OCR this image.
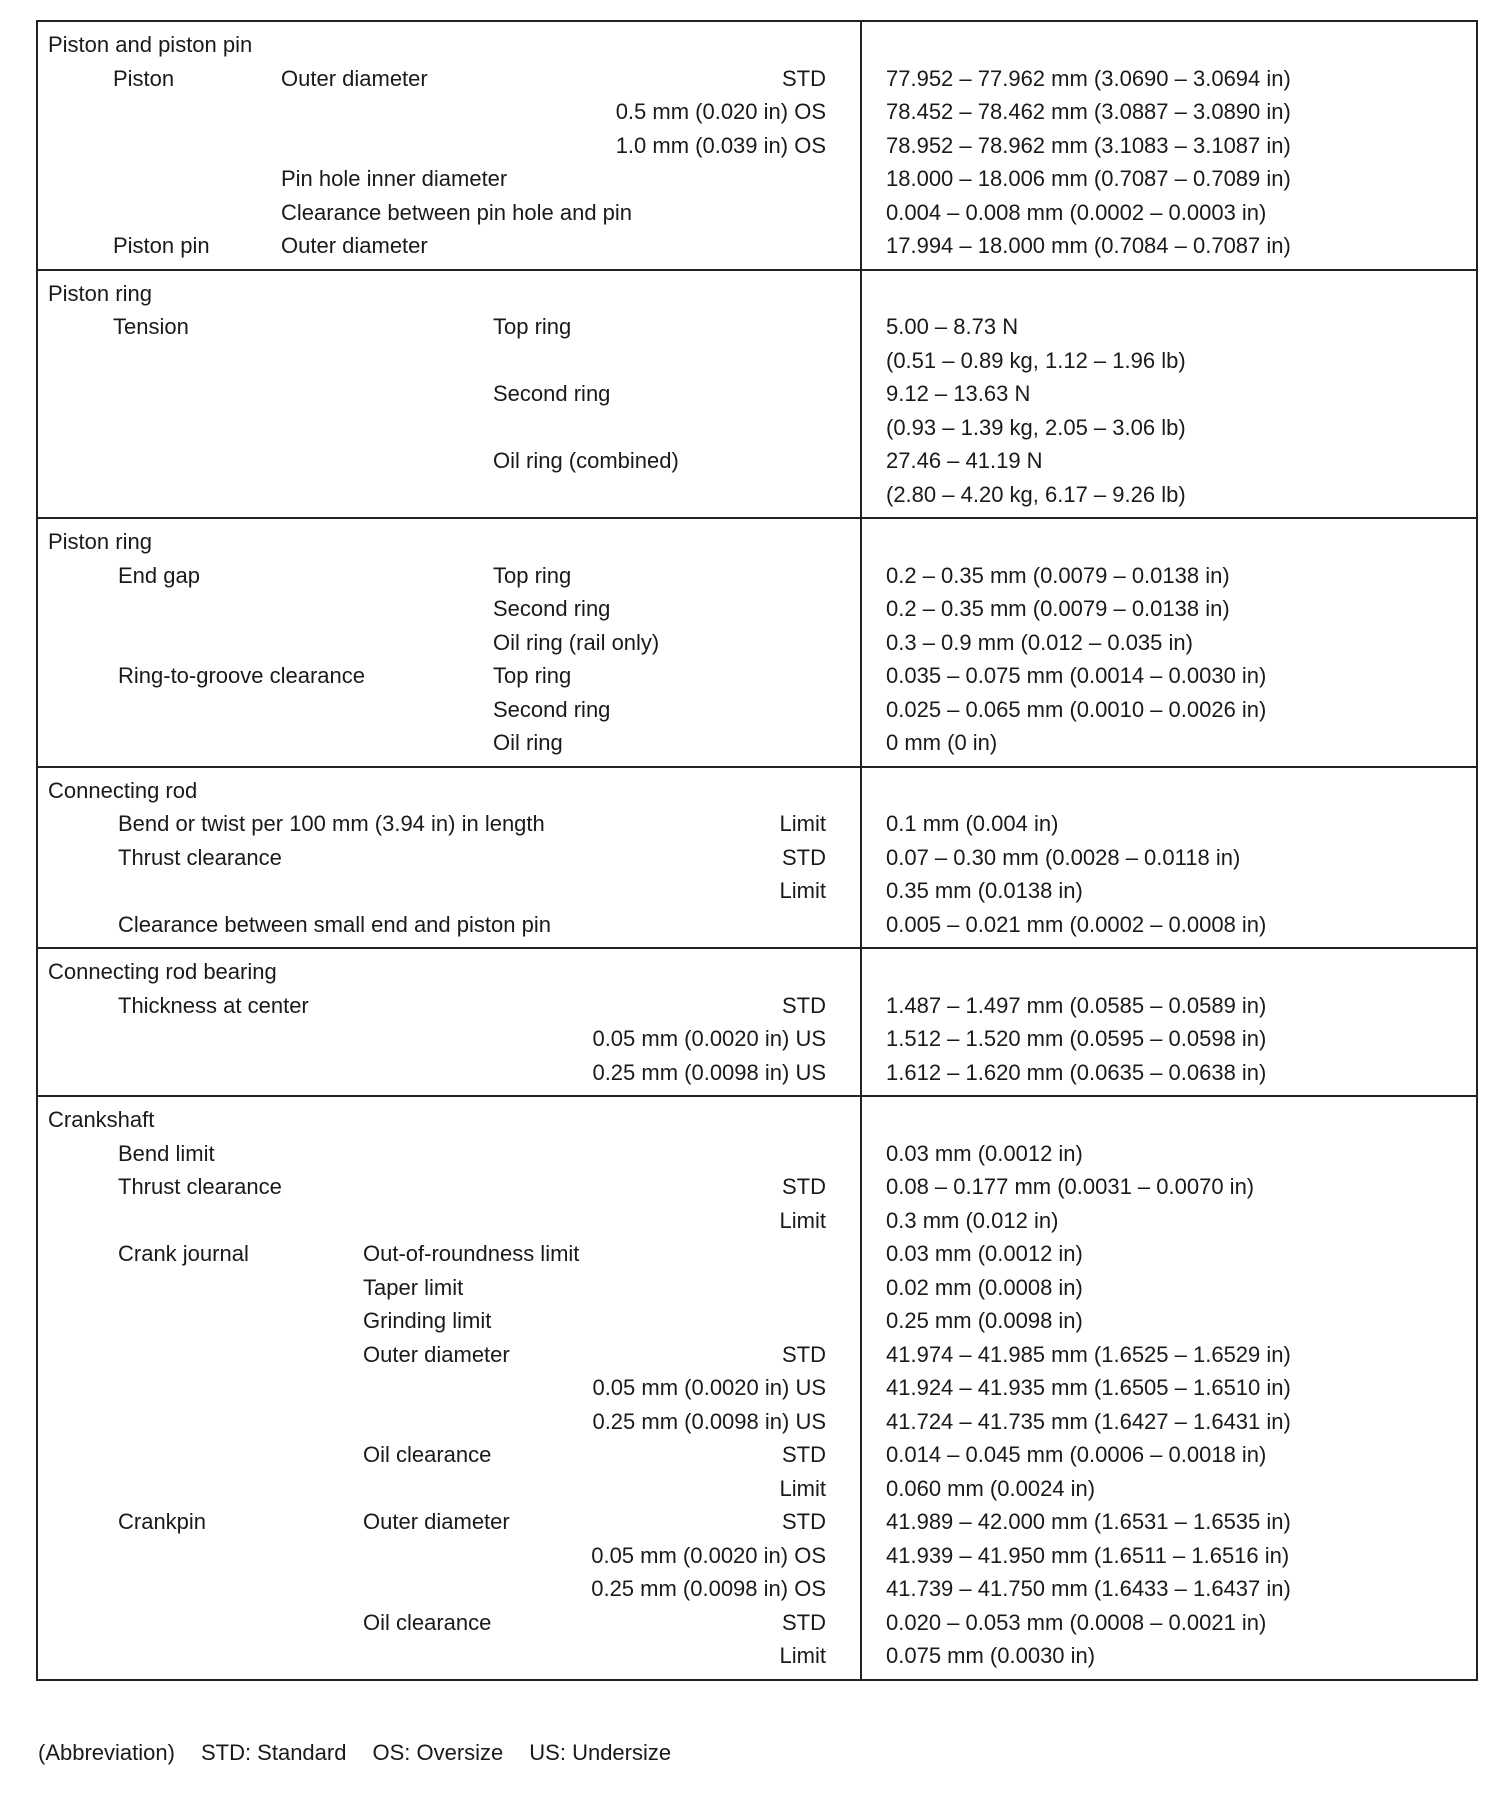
Piston and piston pin
Piston	Outer diameter	STD	77.952 – 77.962 mm (3.0690 – 3.0694 in)
0.5 mm (0.020 in) OS	78.452 – 78.462 mm (3.0887 – 3.0890 in)
1.0 mm (0.039 in) OS	78.952 – 78.962 mm (3.1083 – 3.1087 in)
Pin hole inner diameter	18.000 – 18.006 mm (0.7087 – 0.7089 in)
Clearance between pin hole and pin	0.004 – 0.008 mm (0.0002 – 0.0003 in)
Piston pin	Outer diameter	17.994 – 18.000 mm (0.7084 – 0.7087 in)
Piston ring
Tension	Top ring	5.00 – 8.73 N
(0.51 – 0.89 kg, 1.12 – 1.96 lb)
Second ring	9.12 – 13.63 N
(0.93 – 1.39 kg, 2.05 – 3.06 lb)
Oil ring (combined)	27.46 – 41.19 N
(2.80 – 4.20 kg, 6.17 – 9.26 lb)
Piston ring
End gap	Top ring	0.2 – 0.35 mm (0.0079 – 0.0138 in)
Second ring	0.2 – 0.35 mm (0.0079 – 0.0138 in)
Oil ring (rail only)	0.3 – 0.9 mm (0.012 – 0.035 in)
Ring-to-groove clearance	Top ring	0.035 – 0.075 mm (0.0014 – 0.0030 in)
Second ring	0.025 – 0.065 mm (0.0010 – 0.0026 in)
Oil ring	0 mm (0 in)
Connecting rod
Bend or twist per 100 mm (3.94 in) in length	Limit	0.1 mm (0.004 in)
Thrust clearance	STD	0.07 – 0.30 mm (0.0028 – 0.0118 in)
Limit	0.35 mm (0.0138 in)
Clearance between small end and piston pin	0.005 – 0.021 mm (0.0002 – 0.0008 in)
Connecting rod bearing
Thickness at center	STD	1.487 – 1.497 mm (0.0585 – 0.0589 in)
0.05 mm (0.0020 in) US	1.512 – 1.520 mm (0.0595 – 0.0598 in)
0.25 mm (0.0098 in) US	1.612 – 1.620 mm (0.0635 – 0.0638 in)
Crankshaft
Bend limit	0.03 mm (0.0012 in)
Thrust clearance	STD	0.08 – 0.177 mm (0.0031 – 0.0070 in)
Limit	0.3 mm (0.012 in)
Crank journal	Out-of-roundness limit	0.03 mm (0.0012 in)
Taper limit	0.02 mm (0.0008 in)
Grinding limit	0.25 mm (0.0098 in)
Outer diameter	STD	41.974 – 41.985 mm (1.6525 – 1.6529 in)
0.05 mm (0.0020 in) US	41.924 – 41.935 mm (1.6505 – 1.6510 in)
0.25 mm (0.0098 in) US	41.724 – 41.735 mm (1.6427 – 1.6431 in)
Oil clearance	STD	0.014 – 0.045 mm (0.0006 – 0.0018 in)
Limit	0.060 mm (0.0024 in)
Crankpin	Outer diameter	STD	41.989 – 42.000 mm (1.6531 – 1.6535 in)
0.05 mm (0.0020 in) OS	41.939 – 41.950 mm (1.6511 – 1.6516 in)
0.25 mm (0.0098 in) OS	41.739 – 41.750 mm (1.6433 – 1.6437 in)
Oil clearance	STD	0.020 – 0.053 mm (0.0008 – 0.0021 in)
Limit	0.075 mm (0.0030 in)
(Abbreviation) STD: Standard OS: Oversize US: Undersize
